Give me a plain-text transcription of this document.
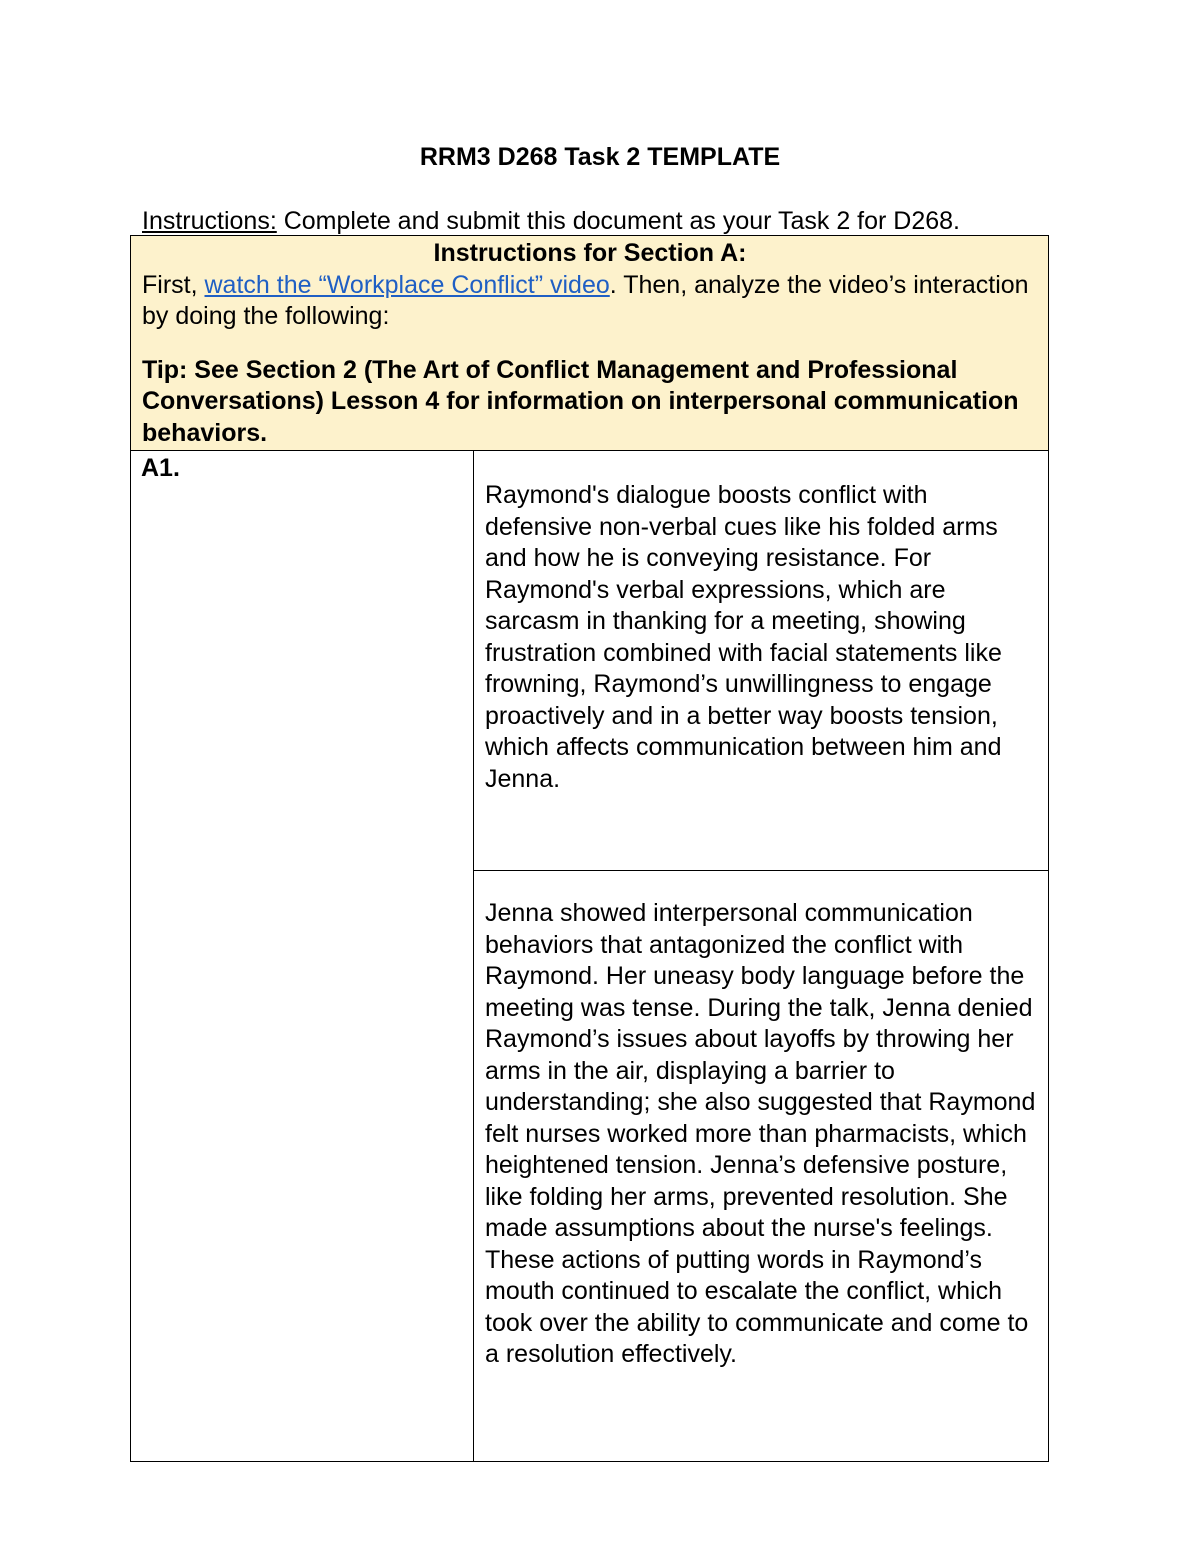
RRM3 D268 Task 2 TEMPLATE
Instructions: Complete and submit this document as your Task 2 for D268.
Instructions for Section A:
First, watch the “Workplace Conflict” video. Then, analyze the video’s interaction by doing the following:
Tip: See Section 2 (The Art of Conflict Management and Professional Conversations) Lesson 4 for information on interpersonal communication behaviors.

A1.	
Raymond's dialogue boosts conflict with defensive non-verbal cues like his folded arms and how he is conveying resistance. For Raymond's verbal expressions, which are sarcasm in thanking for a meeting, showing frustration combined with facial statements like frowning, Raymond’s unwillingness to engage proactively and in a better way boosts tension, which affects communication between him and Jenna.

Jenna showed interpersonal communication behaviors that antagonized the conflict with Raymond. Her uneasy body language before the meeting was tense. During the talk, Jenna denied Raymond’s issues about layoffs by throwing her arms in the air, displaying a barrier to understanding; she also suggested that Raymond felt nurses worked more than pharmacists, which heightened tension. Jenna’s defensive posture, like folding her arms, prevented resolution. She made assumptions about the nurse's feelings. These actions of putting words in Raymond’s mouth continued to escalate the conflict, which took over the ability to communicate and come to a resolution effectively.
